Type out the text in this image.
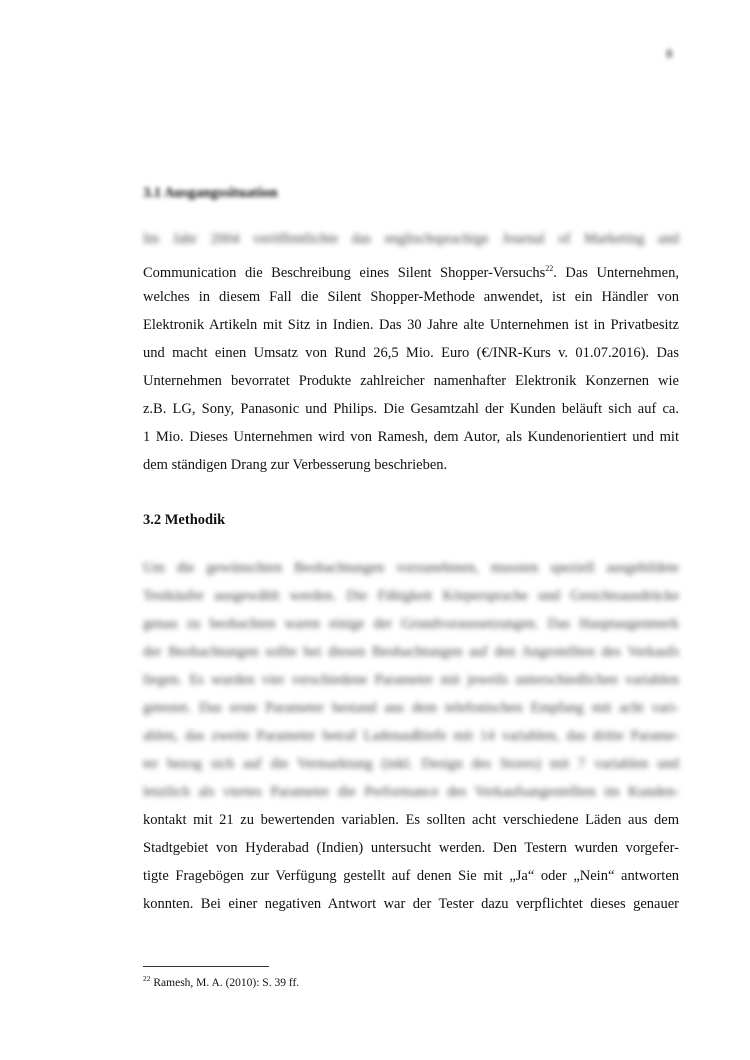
8
3.1 Ausgangssituation

Im Jahr 2004 veröffentlichte das englischsprachige Journal of Marketing and

Communication die Beschreibung eines Silent Shopper-Versuchs$^{22}$. Das Unternehmen,

welches in diesem Fall die Silent Shopper-Methode anwendet, ist ein Händler von

Elektronik Artikeln mit Sitz in Indien. Das 30 Jahre alte Unternehmen ist in Privatbesitz

und macht einen Umsatz von Rund 26,5 Mio. Euro (€/INR-Kurs v. 01.07.2016). Das

Unternehmen bevorratet Produkte zahlreicher namenhafter Elektronik Konzernen wie

z.B. LG, Sony, Panasonic und Philips. Die Gesamtzahl der Kunden beläuft sich auf ca.

1 Mio. Dieses Unternehmen wird von Ramesh, dem Autor, als Kundenorientiert und mit

dem ständigen Drang zur Verbesserung beschrieben.

3.2 Methodik

Um die gewünschten Beobachtungen vorzunehmen, mussten speziell ausgebildete

Testkäufer ausgewählt werden. Die Fähigkeit Körpersprache und Gesichtsausdrücke

genau zu beobachten waren einige der Grundvoraussetzungen. Das Hauptaugenmerk

der Beobachtungen sollte bei diesen Beobachtungen auf den Angestellten des Verkaufs

liegen. Es wurden vier verschiedene Parameter mit jeweils unterschiedlichen variablen

getestet. Das erste Parameter bestand aus dem telefonischen Empfang mit acht vari-

ablen, das zweite Parameter betraf Ladenaußtiefe mit 14 variablen, das dritte Parame-

ter bezog sich auf die Vermarktung (inkl. Design des Stores) mit 7 variablen und

letztlich als viertes Parameter die Performance des Verkaufsangestellten im Kunden-

kontakt mit 21 zu bewertenden variablen. Es sollten acht verschiedene Läden aus dem

Stadtgebiet von Hyderabad (Indien) untersucht werden. Den Testern wurden vorgefer-

tigte Fragebögen zur Verfügung gestellt auf denen Sie mit „Ja“ oder „Nein“ antworten

konnten. Bei einer negativen Antwort war der Tester dazu verpflichtet dieses genauer

$^{22}$ Ramesh, M. A. (2010): S. 39 ff.
